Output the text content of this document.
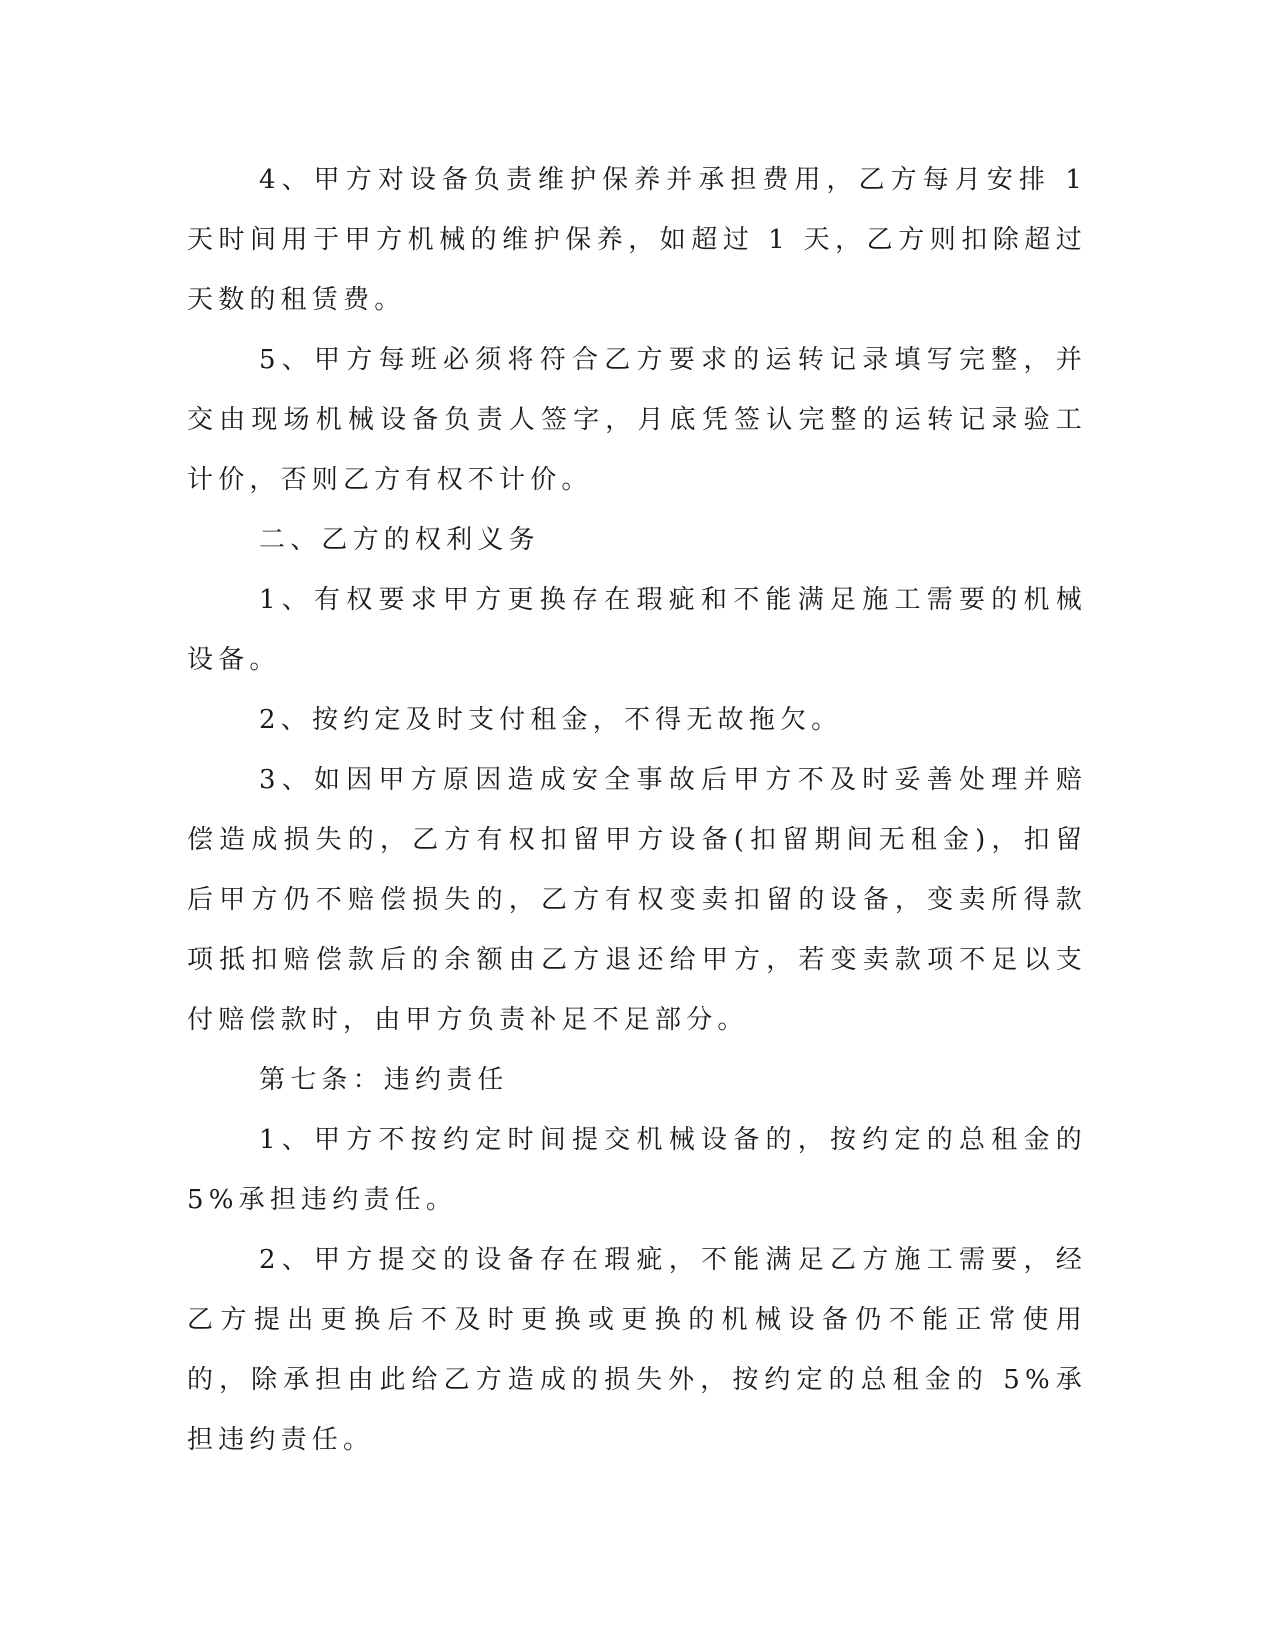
4、甲方对设备负责维护保养并承担费用，乙方每月安排 1 天时间用于甲方机械的维护保养，如超过 1 天，乙方则扣除超过天数的租赁费。

5、甲方每班必须将符合乙方要求的运转记录填写完整，并交由现场机械设备负责人签字，月底凭签认完整的运转记录验工计价，否则乙方有权不计价。

二、乙方的权利义务

1、有权要求甲方更换存在瑕疵和不能满足施工需要的机械设备。

2、按约定及时支付租金，不得无故拖欠。

3、如因甲方原因造成安全事故后甲方不及时妥善处理并赔偿造成损失的，乙方有权扣留甲方设备(扣留期间无租金)，扣留后甲方仍不赔偿损失的，乙方有权变卖扣留的设备，变卖所得款项抵扣赔偿款后的余额由乙方退还给甲方，若变卖款项不足以支付赔偿款时，由甲方负责补足不足部分。

第七条：违约责任

1、甲方不按约定时间提交机械设备的，按约定的总租金的 5%承担违约责任。

2、甲方提交的设备存在瑕疵，不能满足乙方施工需要，经乙方提出更换后不及时更换或更换的机械设备仍不能正常使用的，除承担由此给乙方造成的损失外，按约定的总租金的 5%承担违约责任。
